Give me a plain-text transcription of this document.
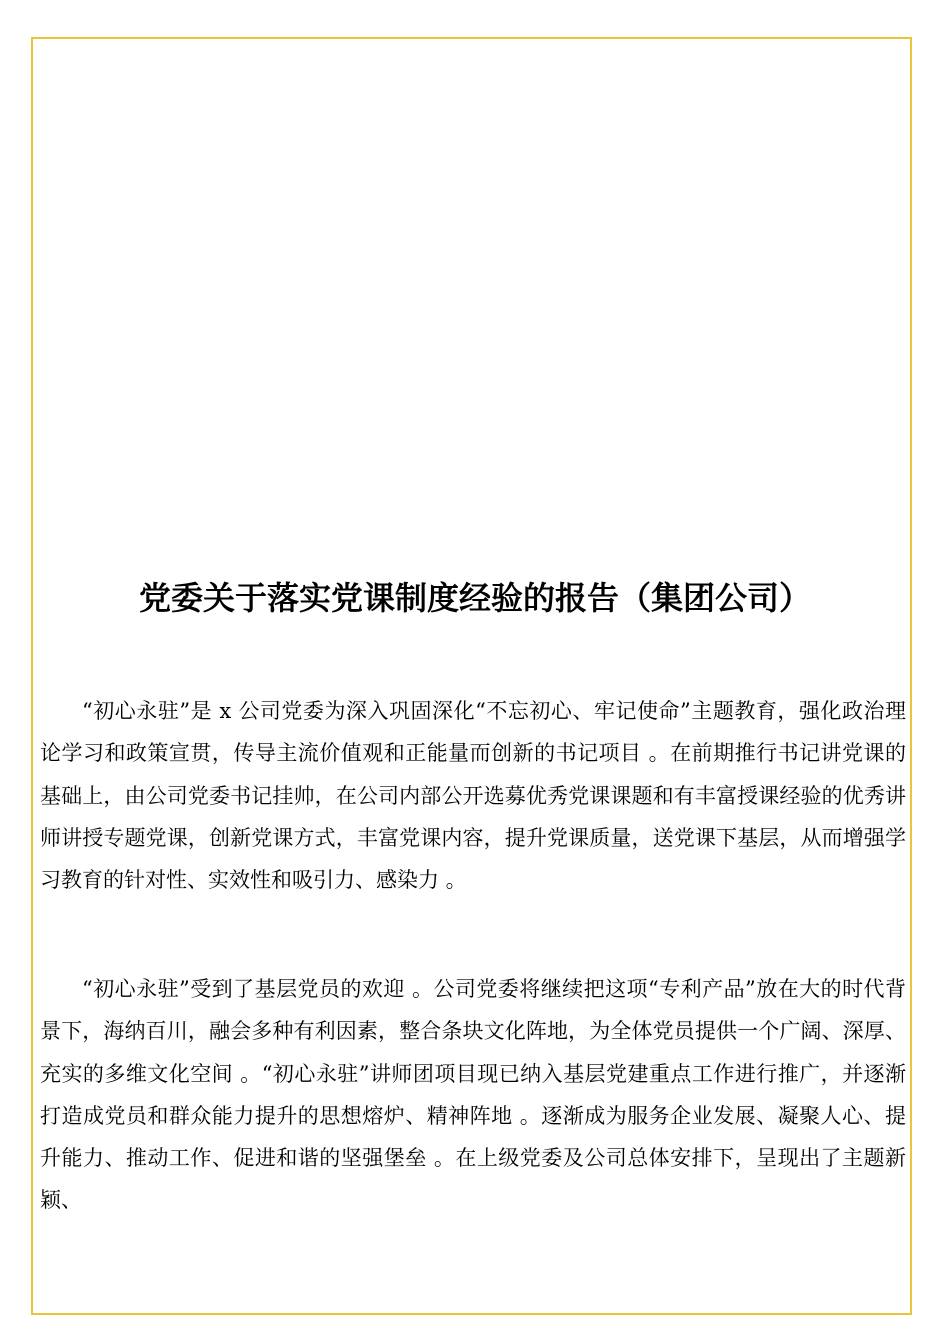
党委关于落实党课制度经验的报告（集团公司）

“初心永驻”是 x 公司党委为深入巩固深化“不忘初心、牢记使命”主题教育，强化政治理论学习和政策宣贯，传导主流价值观和正能量而创新的书记项目 。在前期推行书记讲党课的基础上，由公司党委书记挂帅，在公司内部公开选募优秀党课课题和有丰富授课经验的优秀讲师讲授专题党课，创新党课方式，丰富党课内容，提升党课质量，送党课下基层，从而增强学习教育的针对性、实效性和吸引力、感染力 。

“初心永驻”受到了基层党员的欢迎 。公司党委将继续把这项“专利产品”放在大的时代背景下，海纳百川，融会多种有利因素，整合条块文化阵地，为全体党员提供一个广阔、深厚、充实的多维文化空间 。“初心永驻”讲师团项目现已纳入基层党建重点工作进行推广，并逐渐打造成党员和群众能力提升的思想熔炉、精神阵地 。逐渐成为服务企业发展、凝聚人心、提升能力、推动工作、促进和谐的坚强堡垒 。在上级党委及公司总体安排下，呈现出了主题新颖、
